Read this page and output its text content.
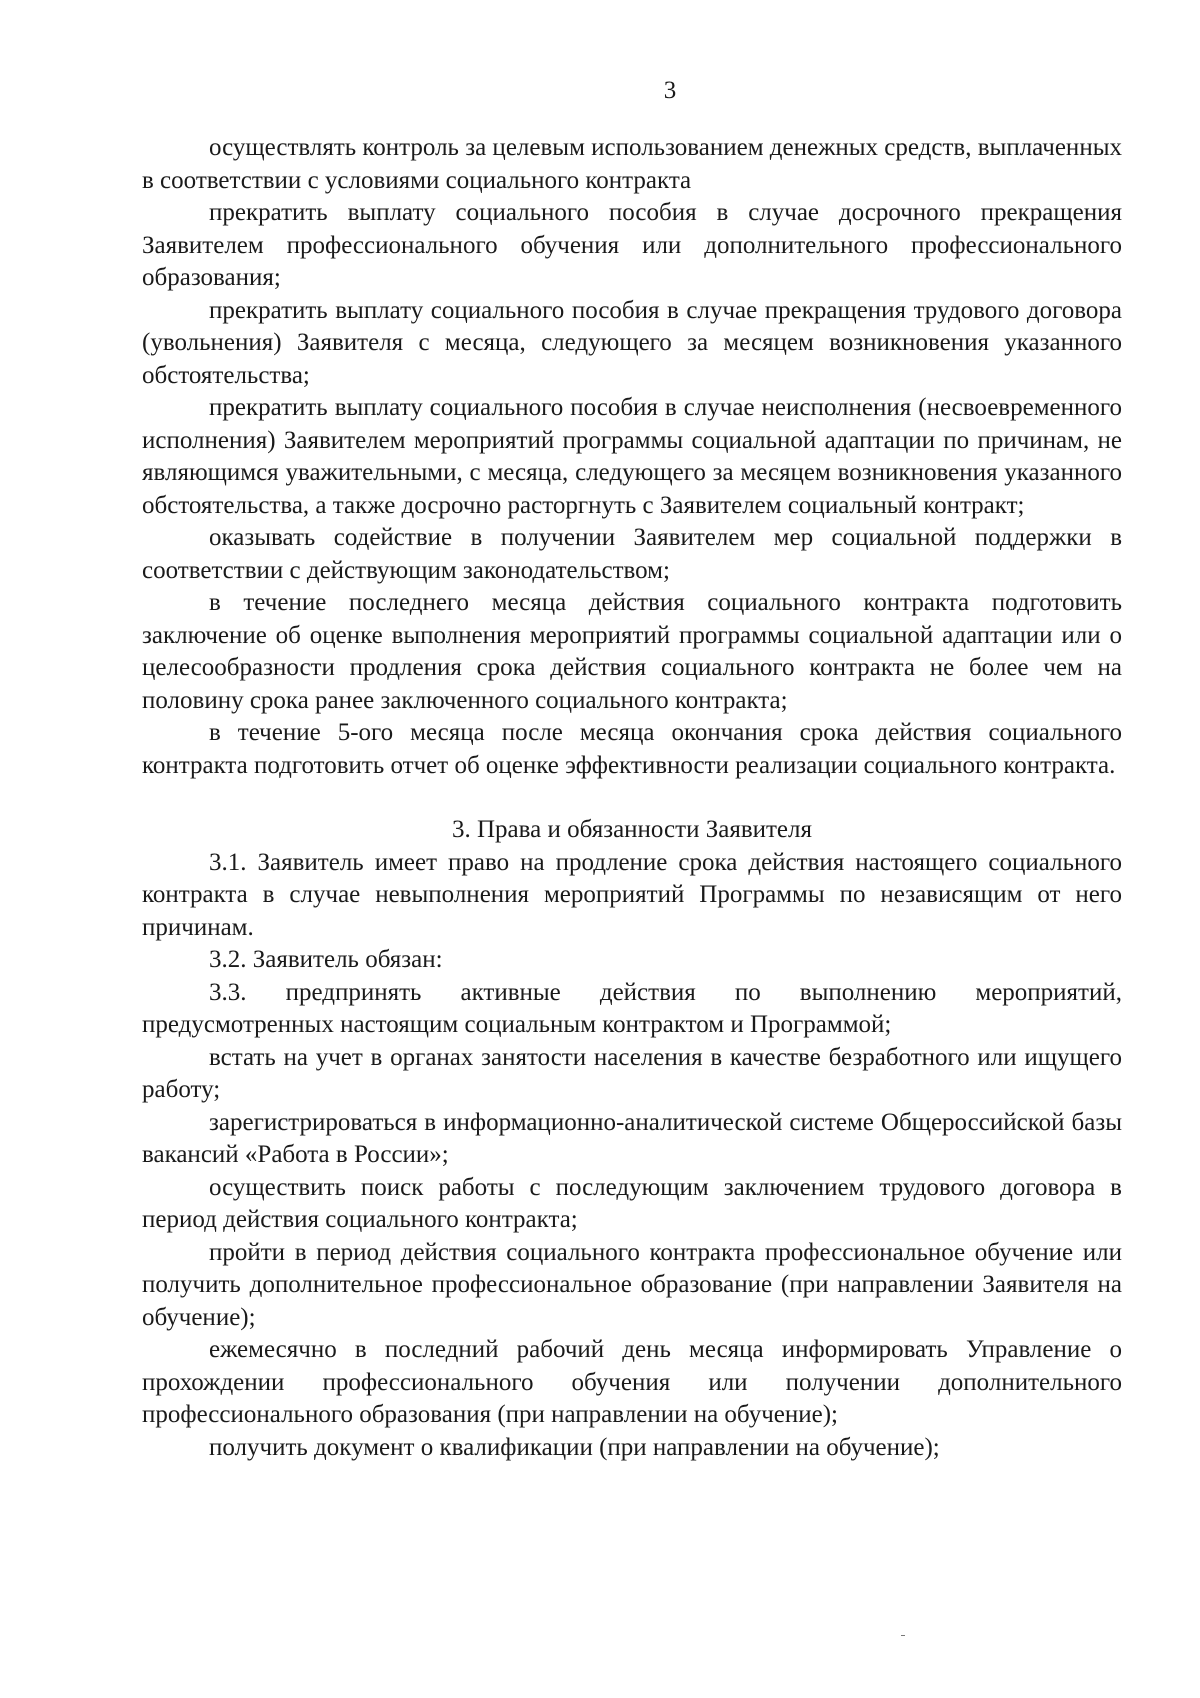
3

осуществлять контроль за целевым использованием денежных средств, выплаченных в соответствии с условиями социального контракта

прекратить выплату социального пособия в случае досрочного прекращения Заявителем профессионального обучения или дополнительного профессионального образования;

прекратить выплату социального пособия в случае прекращения трудового договора (увольнения) Заявителя с месяца, следующего за месяцем возникновения указанного обстоятельства;

прекратить выплату социального пособия в случае неисполнения (несвоевременного исполнения) Заявителем мероприятий программы социальной адаптации по причинам, не являющимся уважительными, с месяца, следующего за месяцем возникновения указанного обстоятельства, а также досрочно расторгнуть с Заявителем социальный контракт;

оказывать содействие в получении Заявителем мер социальной поддержки в соответствии с действующим законодательством;

в течение последнего месяца действия социального контракта подготовить заключение об оценке выполнения мероприятий программы социальной адаптации или о целесообразности продления срока действия социального контракта не более чем на половину срока ранее заключенного социального контракта;

в течение 5-ого месяца после месяца окончания срока действия социального контракта подготовить отчет об оценке эффективности реализации социального контракта.

3. Права и обязанности Заявителя

3.1. Заявитель имеет право на продление срока действия настоящего социального контракта в случае невыполнения мероприятий Программы по независящим от него причинам.

3.2. Заявитель обязан:

3.3. предпринять активные действия по выполнению мероприятий, предусмотренных настоящим социальным контрактом и Программой;

встать на учет в органах занятости населения в качестве безработного или ищущего работу;

зарегистрироваться в информационно-аналитической системе Общероссийской базы вакансий «Работа в России»;

осуществить поиск работы с последующим заключением трудового договора в период действия социального контракта;

пройти в период действия социального контракта профессиональное обучение или получить дополнительное профессиональное образование (при направлении Заявителя на обучение);

ежемесячно в последний рабочий день месяца информировать Управление о прохождении профессионального обучения или получении дополнительного профессионального образования (при направлении на обучение);

получить документ о квалификации (при направлении на обучение);
